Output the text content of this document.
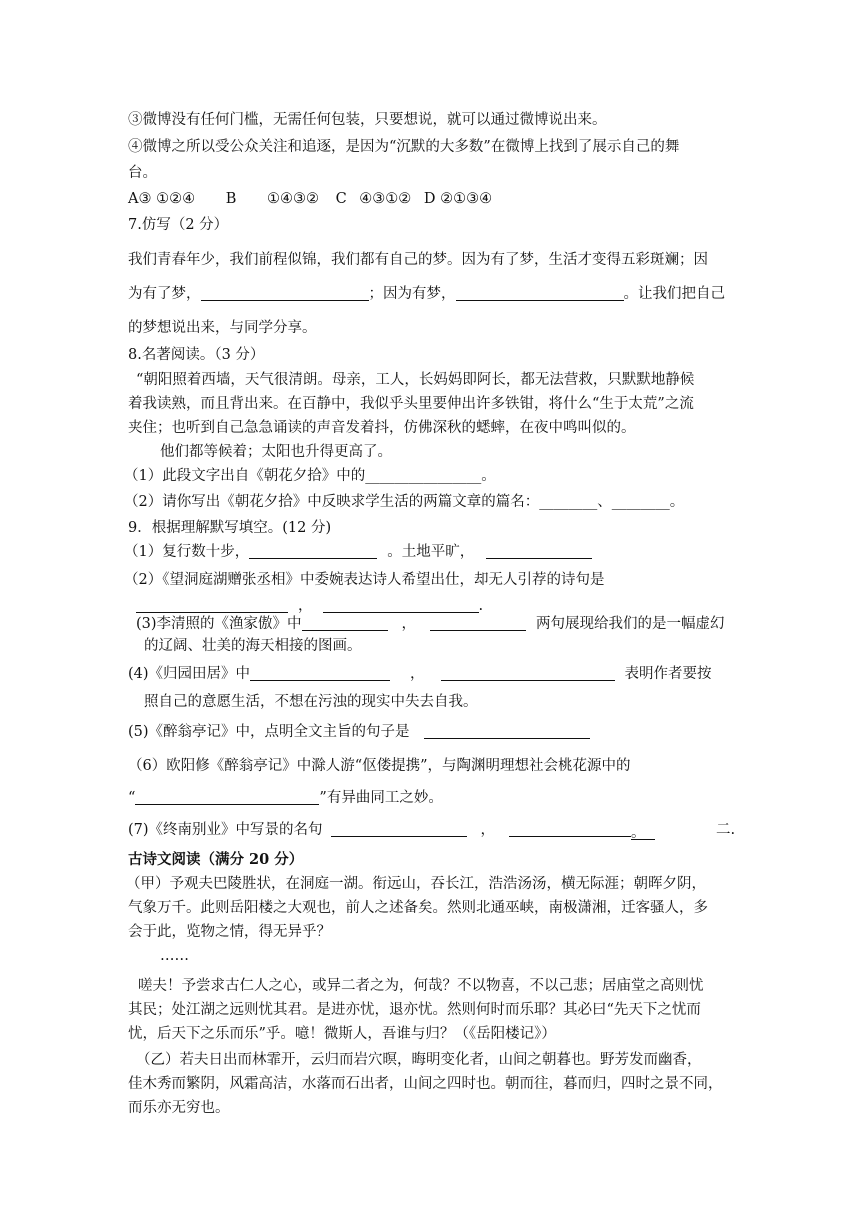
③微博没有任何门槛，无需任何包装，只要想说，就可以通过微博说出来。
④微博之所以受公众关注和追逐，是因为“沉默的大多数”在微博上找到了展示自己的舞
台。
A③ ①②④ B ①④③② C ④③①② D ②①③④
7.仿写（2 分）
我们青春年少，我们前程似锦，我们都有自己的梦。因为有了梦，生活才变得五彩斑斓；因
为有了梦，	；因为有梦，	。让我们把自己
的梦想说出来，与同学分享。
8.名著阅读。（3 分）
“朝阳照着西墙，天气很清朗。母亲，工人，长妈妈即阿长，都无法营救，只默默地静候
着我读熟，而且背出来。在百静中，我似乎头里要伸出许多铁钳，将什么“生于太荒”之流
夹住；也听到自己急急诵读的声音发着抖，仿佛深秋的蟋蟀，在夜中鸣叫似的。
他们都等候着；太阳也升得更高了。
（1）此段文字出自《朝花夕拾》中的________________。
（2）请你写出《朝花夕拾》中反映求学生活的两篇文章的篇名：________、________。
9．根据理解默写填空。(12 分)
（1）复行数十步，	。土地平旷，
（2）《望洞庭湖赠张丞相》中委婉表达诗人希望出仕，却无人引荐的诗句是
，	.
(3)李清照的《渔家傲》中	，	两句展现给我们的是一幅虚幻
的辽阔、壮美的海天相接的图画。
(4)《归园田居》中	，	表明作者要按
照自己的意愿生活，不想在污浊的现实中失去自我。
(5)《醉翁亭记》中，点明全文主旨的句子是
（6）欧阳修《醉翁亭记》中滁人游“伛偻提携”，与陶渊明理想社会桃花源中的
“	”有异曲同工之妙。
(7)《终南别业》中写景的名句	，	。	二.
古诗文阅读（满分 20 分）
（甲）予观夫巴陵胜状，在洞庭一湖。衔远山，吞长江，浩浩汤汤，横无际涯；朝晖夕阴，
气象万千。此则岳阳楼之大观也，前人之述备矣。然则北通巫峡，南极潇湘，迁客骚人，多
会于此，览物之情，得无异乎？
……
嗟夫！予尝求古仁人之心，或异二者之为，何哉？不以物喜，不以己悲；居庙堂之高则忧
其民；处江湖之远则忧其君。是进亦忧，退亦忧。然则何时而乐耶？其必曰“先天下之忧而
忧，后天下之乐而乐”乎。噫！微斯人，吾谁与归？（《岳阳楼记》）
（乙）若夫日出而林霏开，云归而岩穴暝，晦明变化者，山间之朝暮也。野芳发而幽香，
佳木秀而繁阴，风霜高洁，水落而石出者，山间之四时也。朝而往，暮而归，四时之景不同，
而乐亦无穷也。
